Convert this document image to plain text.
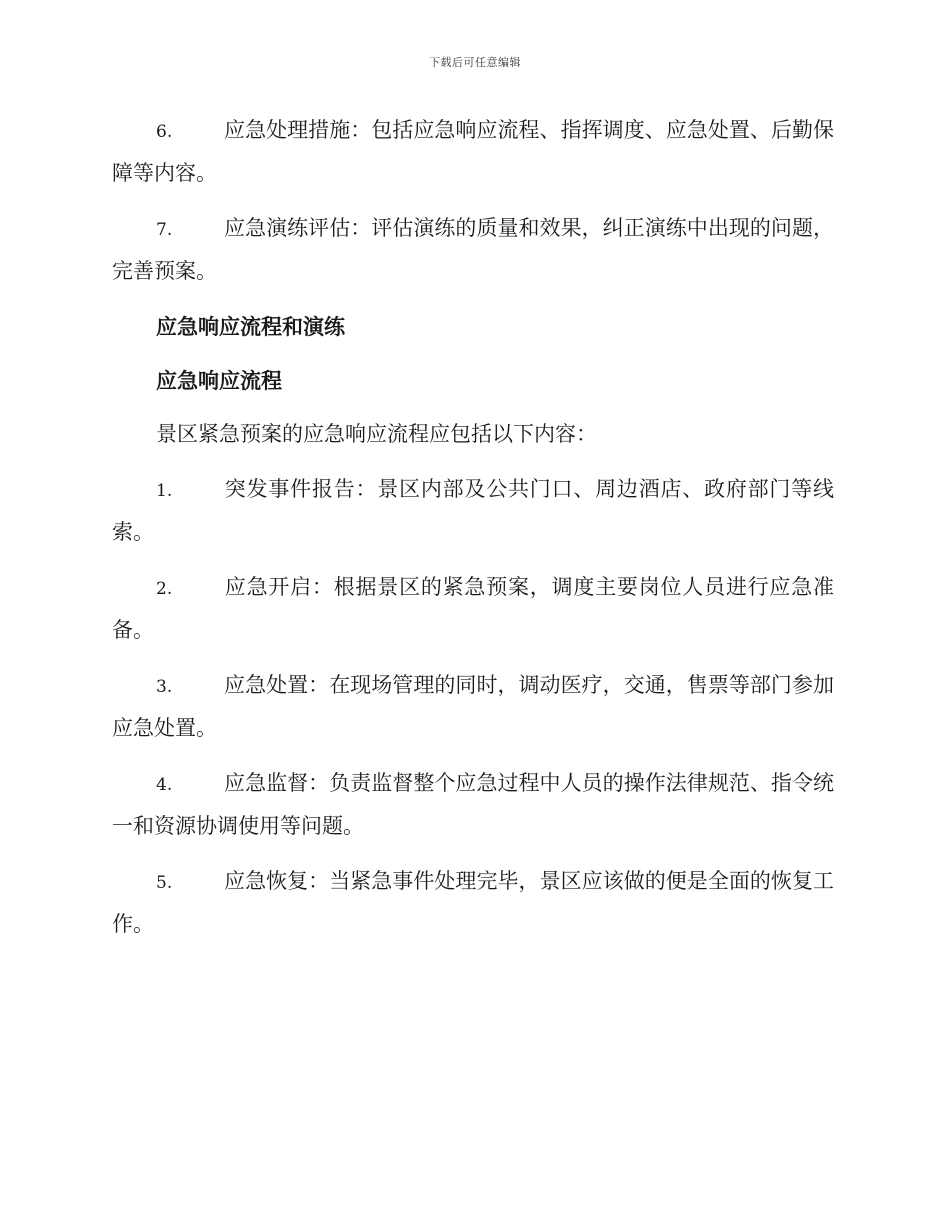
下载后可任意编辑

6. 应急处理措施：包括应急响应流程、指挥调度、应急处置、后勤保障等内容。

7. 应急演练评估：评估演练的质量和效果，纠正演练中出现的问题，完善预案。

应急响应流程和演练
应急响应流程

景区紧急预案的应急响应流程应包括以下内容：

1. 突发事件报告：景区内部及公共门口、周边酒店、政府部门等线索。

2. 应急开启：根据景区的紧急预案，调度主要岗位人员进行应急准备。

3. 应急处置：在现场管理的同时，调动医疗，交通，售票等部门参加应急处置。

4. 应急监督：负责监督整个应急过程中人员的操作法律规范、指令统一和资源协调使用等问题。

5. 应急恢复：当紧急事件处理完毕，景区应该做的便是全面的恢复工作。
